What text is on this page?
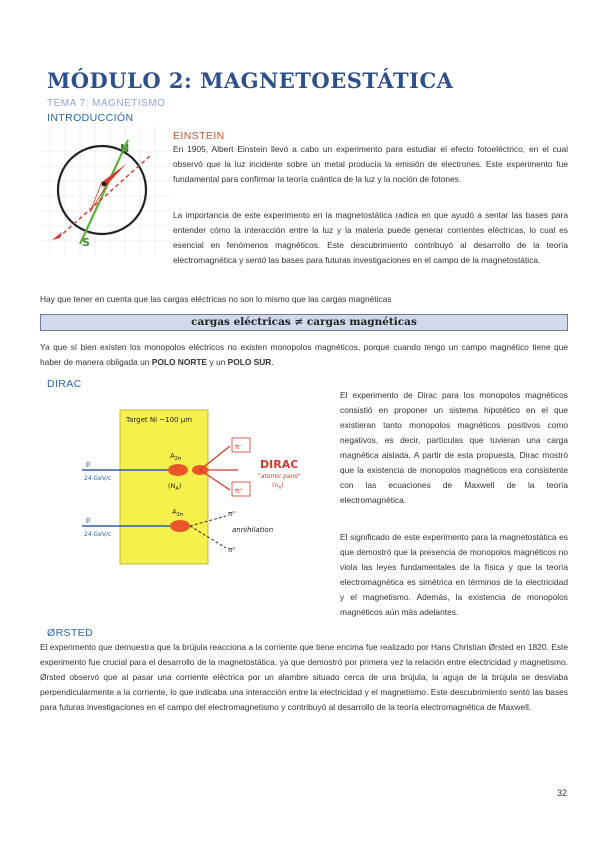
MÓDULO 2: MAGNETOESTÁTICA
TEMA 7: MAGNETISMO
INTRODUCCIÓN
N
S
EINSTEIN
En 1905, Albert Einstein llevó a cabo un experimento para estudiar el efecto fotoeléctrico, en el cual observó que la luz incidente sobre un metal producía la emisión de electrones. Este experimento fue fundamental para confirmar la teoría cuántica de la luz y la noción de fotones.
La importancia de este experimento en la magnetostática radica en que ayudó a sentar las bases para entender cómo la interacción entre la luz y la materia puede generar corrientes eléctricas, lo cual es esencial en fenómenos magnéticos. Este descubrimiento contribuyó al desarrollo de la teoría electromagnética y sentó las bases para futuras investigaciones en el campo de la magnetostática.
Hay que tener en cuenta que las cargas eléctricas no son lo mismo que las cargas magnéticas
cargas eléctricas ≠ cargas magnéticas
Ya que sí bien existen los monopolos eléctricos no existen monopolos magnéticos, porque cuando tengo un campo magnético tiene que haber de manera obligada un POLO NORTE y un POLO SUR.
DIRAC
Target Ni ~100 μm
p
24 GeV/c
$A_{2\pi}$
$(N_A)$
π⁻
π⁺
DIRAC
"atomic pairs"
$(n_A)$
p
24 GeV/c
$A_{2\pi}$	π⁰
π⁰
annihilation
El experimento de Dirac para los monopolos magnéticos consistió en proponer un sistema hipotético en el que existieran tanto monopolos magnéticos positivos como negativos, es decir, partículas que tuvieran una carga magnética aislada. A partir de esta propuesta, Dirac mostró que la existencia de monopolos magnéticos era consistente con las ecuaciones de Maxwell de la teoría electromagnética.
El significado de este experimento para la magnetostática es que demostró que la presencia de monopolos magnéticos no viola las leyes fundamentales de la física y que la teoría electromagnética es simétrica en términos de la electricidad y el magnetismo. Además, la existencia de monopolos magnéticos aún más adelantes.
ØRSTED
El experimento que demuestra que la brújula reacciona a la corriente que tiene encima fue realizado por Hans Christian Ørsted en 1820. Este experimento fue crucial para el desarrollo de la magnetostática, ya que demostró por primera vez la relación entre electricidad y magnetismo. Ørsted observó que al pasar una corriente eléctrica por un alambre situado cerca de una brújula, la aguja de la brújula se desviaba perpendicularmente a la corriente, lo que indicaba una interacción entre la electricidad y el magnetismo. Este descubrimiento sentó las bases para futuras investigaciones en el campo del electromagnetismo y contribuyó al desarrollo de la teoría electromagnética de Maxwell.
32
